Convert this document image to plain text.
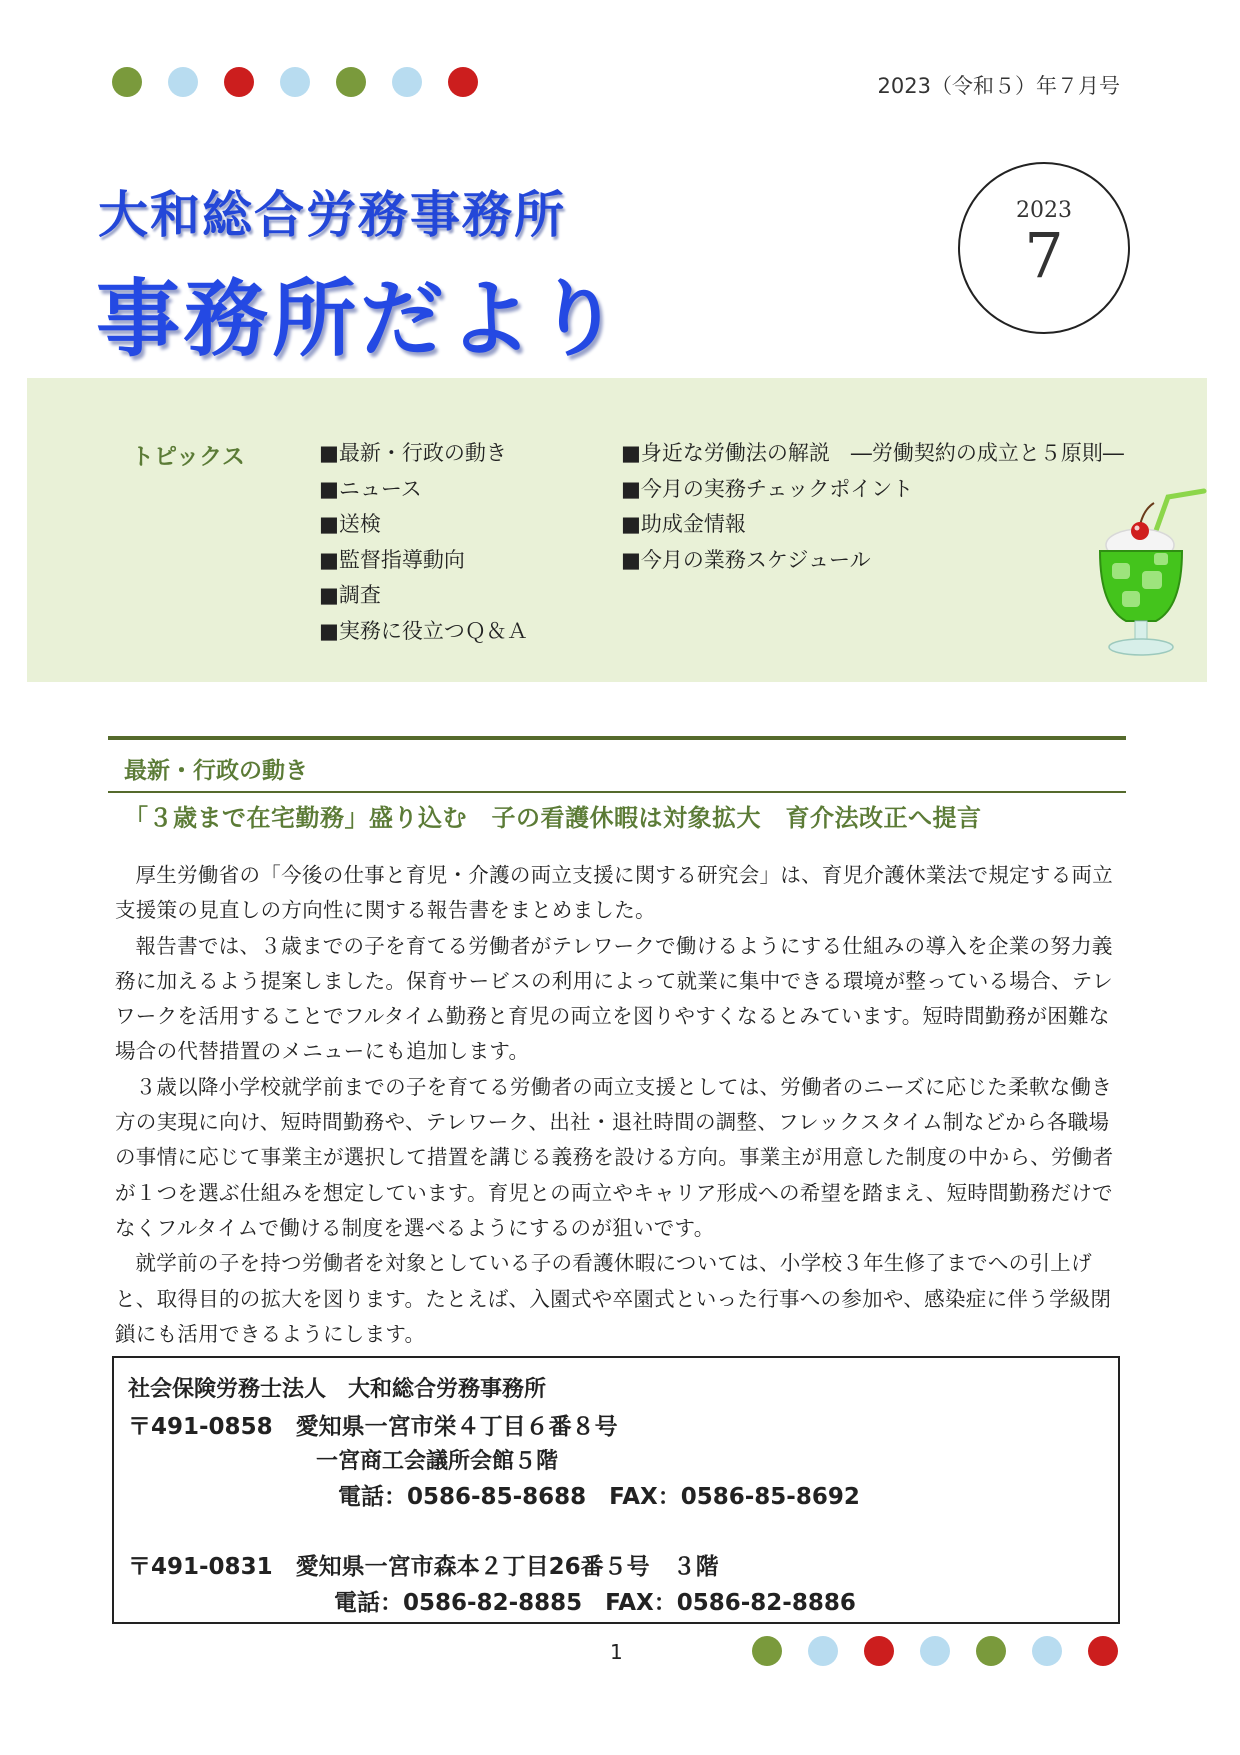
2023（令和５）年７月号
大和総合労務事務所
事務所だより
2023
7
トピックス	■最新・行政の動き
■ニュース
■送検
■監督指導動向
■調査
■実務に役立つＱ＆Ａ
■身近な労働法の解説　―労働契約の成立と５原則―
■今月の実務チェックポイント
■助成金情報
■今月の業務スケジュール
最新・行政の動き
「３歳まで在宅勤務」盛り込む　子の看護休暇は対象拡大　育介法改正へ提言

厚生労働省の「今後の仕事と育児・介護の両立支援に関する研究会」は、育児介護休業法で規定する両立支援策の見直しの方向性に関する報告書をまとめました。

報告書では、３歳までの子を育てる労働者がテレワークで働けるようにする仕組みの導入を企業の努力義務に加えるよう提案しました。保育サービスの利用によって就業に集中できる環境が整っている場合、テレワークを活用することでフルタイム勤務と育児の両立を図りやすくなるとみています。短時間勤務が困難な場合の代替措置のメニューにも追加します。

３歳以降小学校就学前までの子を育てる労働者の両立支援としては、労働者のニーズに応じた柔軟な働き方の実現に向け、短時間勤務や、テレワーク、出社・退社時間の調整、フレックスタイム制などから各職場の事情に応じて事業主が選択して措置を講じる義務を設ける方向。事業主が用意した制度の中から、労働者が１つを選ぶ仕組みを想定しています。育児との両立やキャリア形成への希望を踏まえ、短時間勤務だけでなくフルタイムで働ける制度を選べるようにするのが狙いです。

就学前の子を持つ労働者を対象としている子の看護休暇については、小学校３年生修了までへの引上げと、取得目的の拡大を図ります。たとえば、入園式や卒園式といった行事への参加や、感染症に伴う学級閉鎖にも活用できるようにします。

社会保険労務士法人　大和総合労務事務所
〒491-0858　愛知県一宮市栄４丁目６番８号
一宮商工会議所会館５階
電話：0586-85-8688　FAX：0586-85-8692
〒491-0831　愛知県一宮市森本２丁目26番５号　３階
電話：0586-82-8885　FAX：0586-82-8886
1
